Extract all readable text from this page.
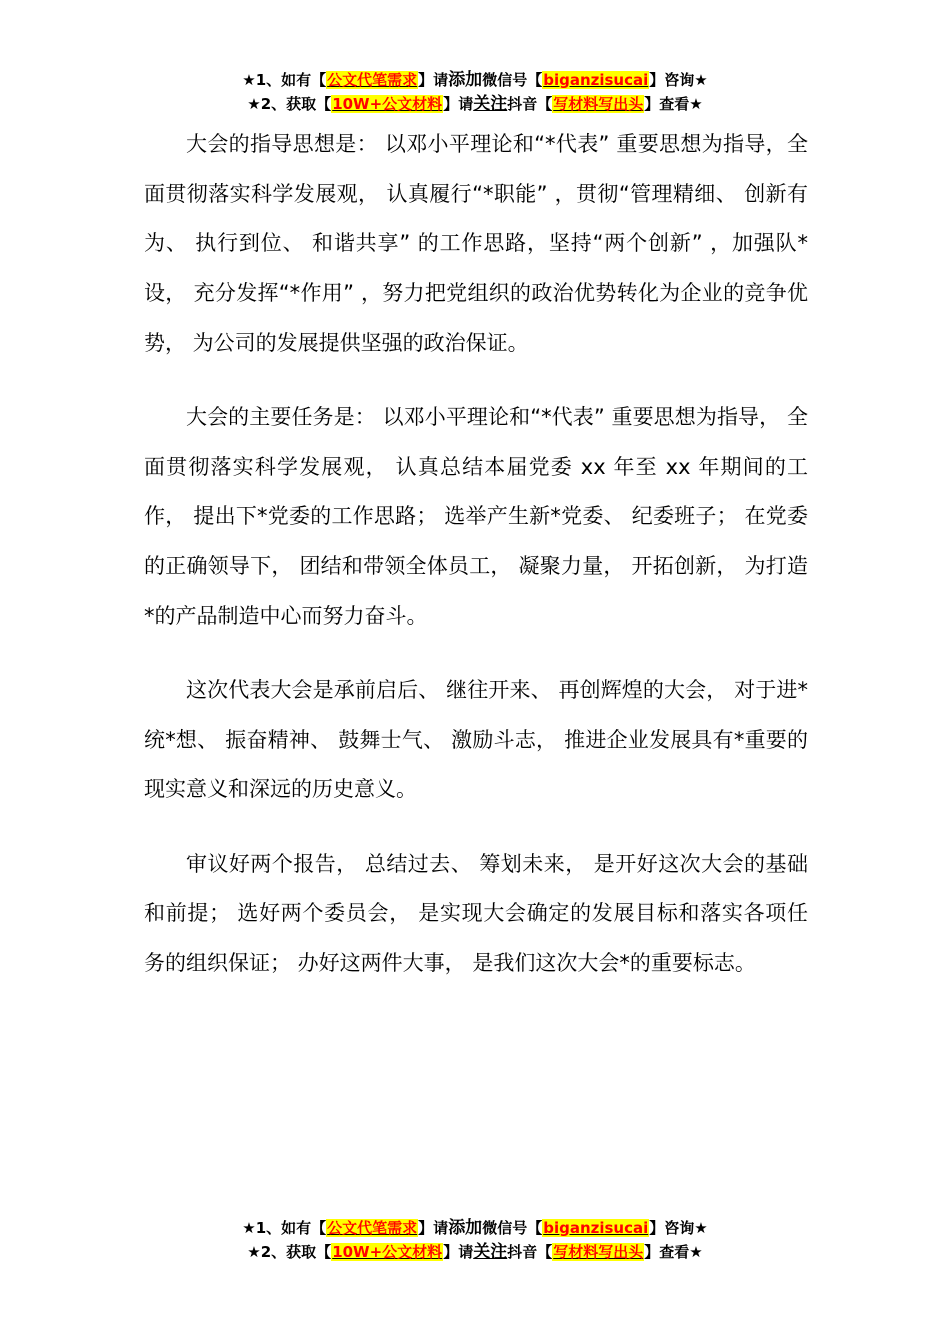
★1、如有【公文代笔需求】请添加微信号【biganzisucai】咨询★
★2、获取【10W+公文材料】请关注抖音【写材料写出头】查看★

大会的指导思想是： 以邓小平理论和“*代表” 重要思想为指导，全面贯彻落实科学发展观， 认真履行“*职能” ，贯彻“管理精细、 创新有为、 执行到位、 和谐共享” 的工作思路，坚持“两个创新” ，加强队*设， 充分发挥“*作用” ，努力把党组织的政治优势转化为企业的竞争优势， 为公司的发展提供坚强的政治保证。

大会的主要任务是： 以邓小平理论和“*代表” 重要思想为指导， 全面贯彻落实科学发展观， 认真总结本届党委 xx 年至 xx 年期间的工作， 提出下*党委的工作思路； 选举产生新*党委、 纪委班子； 在党委的正确领导下， 团结和带领全体员工， 凝聚力量， 开拓创新， 为打造*的产品制造中心而努力奋斗。

这次代表大会是承前启后、 继往开来、 再创辉煌的大会， 对于进*统*想、 振奋精神、 鼓舞士气、 激励斗志， 推进企业发展具有*重要的现实意义和深远的历史意义。

审议好两个报告， 总结过去、 筹划未来， 是开好这次大会的基础和前提； 选好两个委员会， 是实现大会确定的发展目标和落实各项任务的组织保证； 办好这两件大事， 是我们这次大会*的重要标志。

★1、如有【公文代笔需求】请添加微信号【biganzisucai】咨询★
★2、获取【10W+公文材料】请关注抖音【写材料写出头】查看★
